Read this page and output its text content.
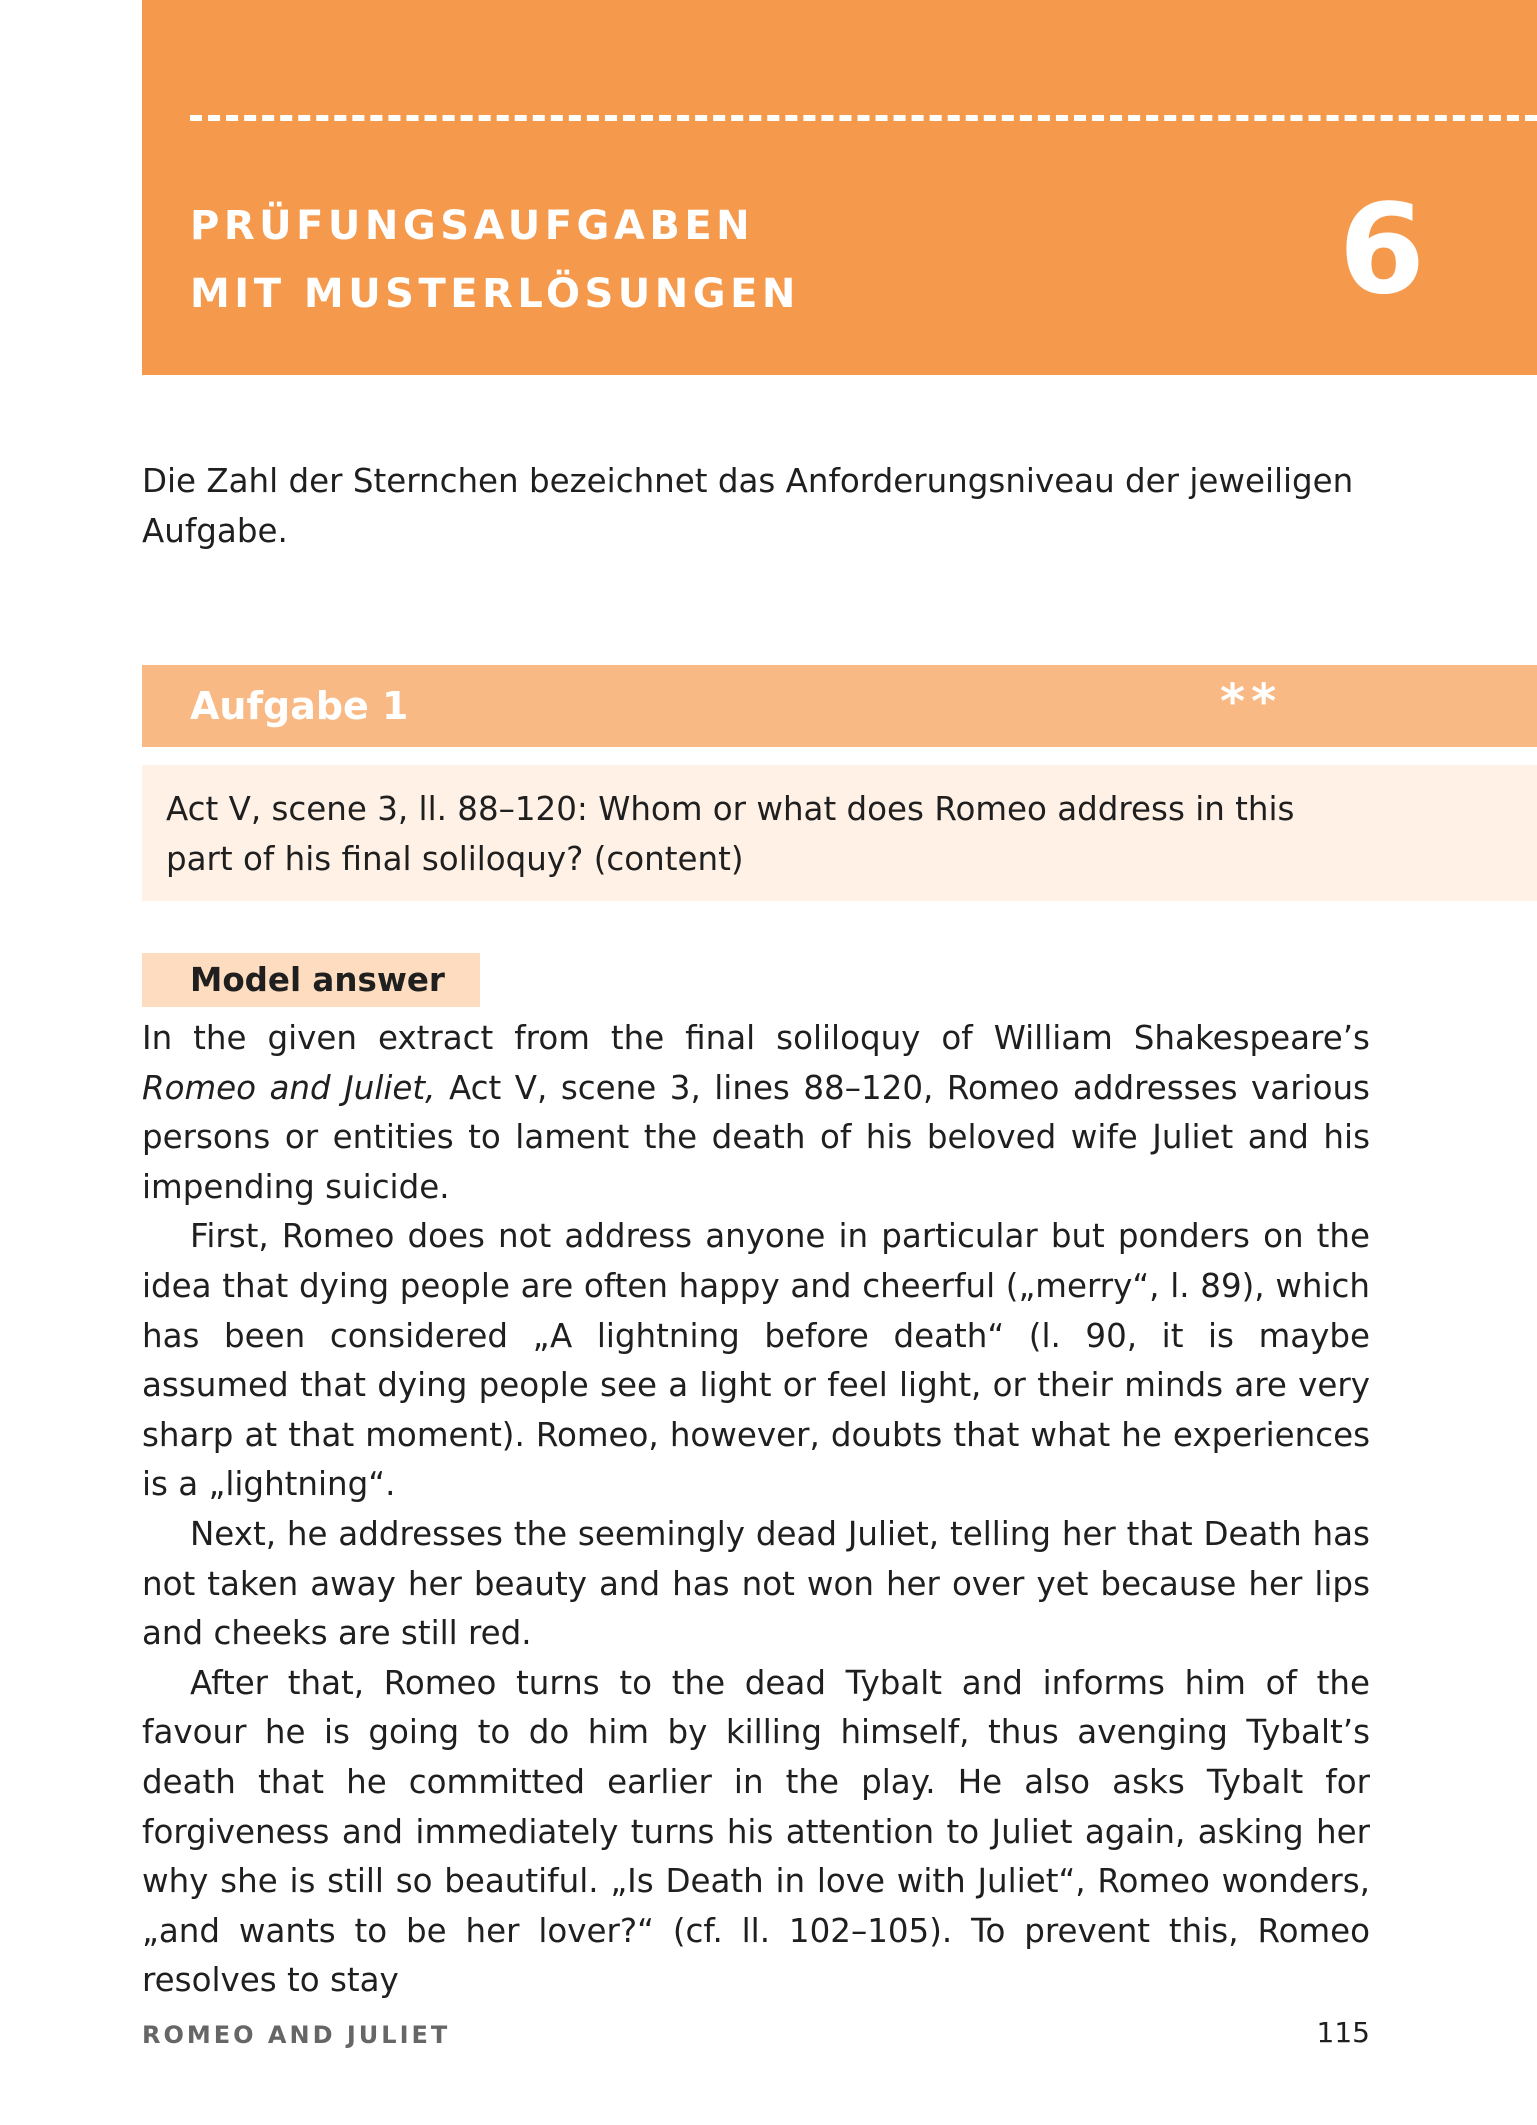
PRÜFUNGSAUFGABEN
MIT MUSTERLÖSUNGEN	6
Die Zahl der Sternchen bezeichnet das Anforderungsniveau der jeweiligen Aufgabe.
Aufgabe 1	**
Act V, scene 3, ll. 88–120: Whom or what does Romeo address in this part of his final soliloquy? (content)
Model answer

In the given extract from the final soliloquy of William Shakespeare’s Romeo and Juliet, Act V, scene 3, lines 88–120, Romeo addresses various persons or entities to lament the death of his beloved wife Juliet and his impending suicide.

First, Romeo does not address anyone in particular but ponders on the idea that dying people are often happy and cheerful („merry“, l. 89), which has been considered „A lightning before death“ (l. 90, it is maybe assumed that dying people see a light or feel light, or their minds are very sharp at that moment). Romeo, however, doubts that what he experiences is a „lightning“.

Next, he addresses the seemingly dead Juliet, telling her that Death has not taken away her beauty and has not won her over yet because her lips and cheeks are still red.

After that, Romeo turns to the dead Tybalt and informs him of the favour he is going to do him by killing himself, thus avenging Tybalt’s death that he committed earlier in the play. He also asks Tybalt for forgiveness and immediately turns his attention to Juliet again, asking her why she is still so beautiful. „Is Death in love with Juliet“, Romeo wonders, „and wants to be her lover?“ (cf. ll. 102–105). To prevent this, Romeo resolves to stay

ROMEO AND JULIET	115
